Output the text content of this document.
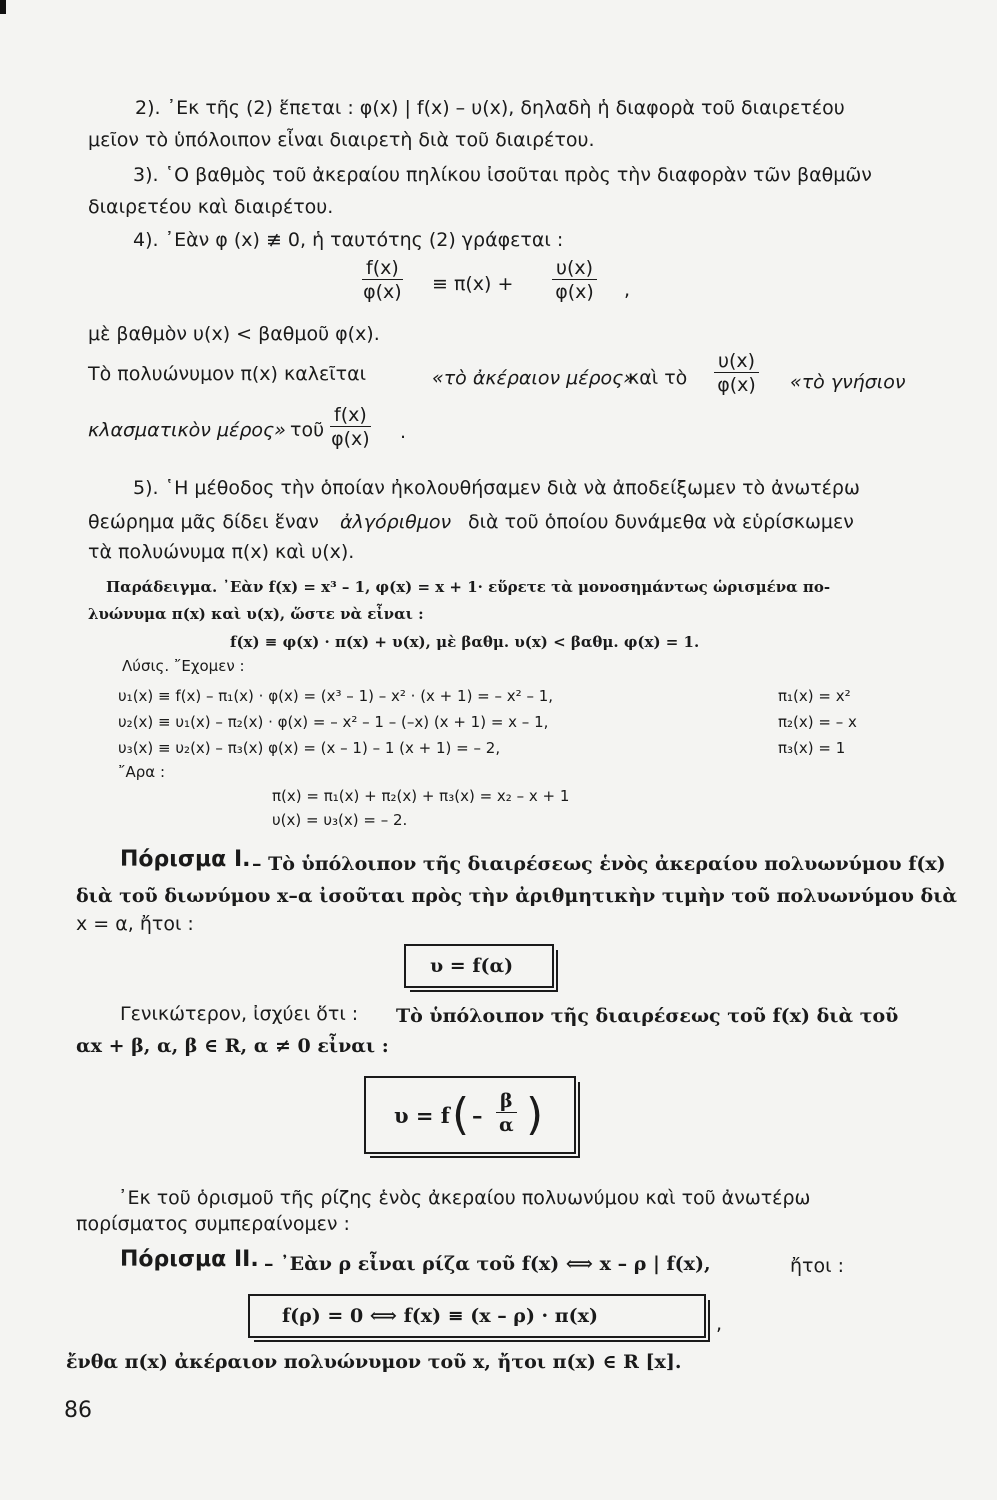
2). ᾿Εκ τῆς (2) ἕπεται : φ(x) | f(x) – υ(x), δηλαδὴ ἡ διαφορὰ τοῦ διαιρετέου
μεῖον τὸ ὑπόλοιπον εἶναι διαιρετὴ διὰ τοῦ διαιρέτου.
3). ῾Ο βαθμὸς τοῦ ἀκεραίου πηλίκου ἰσοῦται πρὸς τὴν διαφορὰν τῶν βαθμῶν
διαιρετέου καὶ διαιρέτου.
4). ᾿Εὰν φ (x) ≢ 0, ἡ ταυτότης (2) γράφεται :
$\frac{f(x)}{\varphi(x)} \equiv \pi(x) + \frac{\upsilon(x)}{\varphi(x)}$ ,
μὲ βαθμὸν υ(x) < βαθμοῦ φ(x).
Τὸ πολυώνυμον π(x) καλεῖται	«τὸ ἀκέραιον μέρος»
καὶ τὸ $\frac{\upsilon(x)}{\varphi(x)}$ «τὸ γνήσιον
κλασματικὸν μέρος» τοῦ $\frac{f(x)}{\varphi(x)}$ .
5). ῾Η μέθοδος τὴν ὁποίαν ἠκολουθήσαμεν διὰ νὰ ἀποδείξωμεν τὸ ἀνωτέρω
θεώρημα μᾶς δίδει ἕναν ἀλγόριθμον διὰ τοῦ ὁποίου δυνάμεθα νὰ εὑρίσκωμεν
τὰ πολυώνυμα π(x) καὶ υ(x).
Παράδειγμα. ᾿Εὰν f(x) = x³ – 1, φ(x) = x + 1· εὕρετε τὰ μονοσημάντως ὡρισμένα πο-
λυώνυμα π(x) καὶ υ(x), ὥστε νὰ εἶναι :
f(x) ≡ φ(x) · π(x) + υ(x), μὲ βαθμ. υ(x) < βαθμ. φ(x) = 1.
Λύσις. ῎Εχομεν :
υ₁(x) ≡ f(x) – π₁(x) · φ(x) = (x³ – 1) – x² · (x + 1) = – x² – 1,	π₁(x) = x²
υ₂(x) ≡ υ₁(x) – π₂(x) · φ(x) = – x² – 1 – (–x) (x + 1) = x – 1,	π₂(x) = – x
υ₃(x) ≡ υ₂(x) – π₃(x) φ(x) = (x – 1) – 1 (x + 1) = – 2,	π₃(x) = 1
῎Αρα :
π(x) = π₁(x) + π₂(x) + π₃(x) = x₂ – x + 1
υ(x) = υ₃(x) = – 2.
Πόρισμα I. – Τὸ ὑπόλοιπον τῆς διαιρέσεως ἑνὸς ἀκεραίου πολυωνύμου f(x)
διὰ τοῦ διωνύμου x–α ἰσοῦται πρὸς τὴν ἀριθμητικὴν τιμὴν τοῦ πολυωνύμου διὰ
x = α, ἤτοι :
υ = f(α)
Γενικώτερον, ἰσχύει ὅτι : Τὸ ὑπόλοιπον τῆς διαιρέσεως τοῦ f(x) διὰ τοῦ
αx + β, α, β ∈ R, α ≠ 0 εἶναι :
υ = f ( – $\frac{\beta}{\alpha}$ )
᾿Εκ τοῦ ὁρισμοῦ τῆς ρίζης ἑνὸς ἀκεραίου πολυωνύμου καὶ τοῦ ἀνωτέρω
πορίσματος συμπεραίνομεν :
Πόρισμα II. – ᾿Εὰν ρ εἶναι ρίζα τοῦ f(x) ⟺ x – ρ | f(x),	ἤτοι :
f(ρ) = 0 ⟺ f(x) ≡ (x – ρ) · π(x)	,
ἔνθα π(x) ἀκέραιον πολυώνυμον τοῦ x, ἤτοι π(x) ∈ R [x].
86
